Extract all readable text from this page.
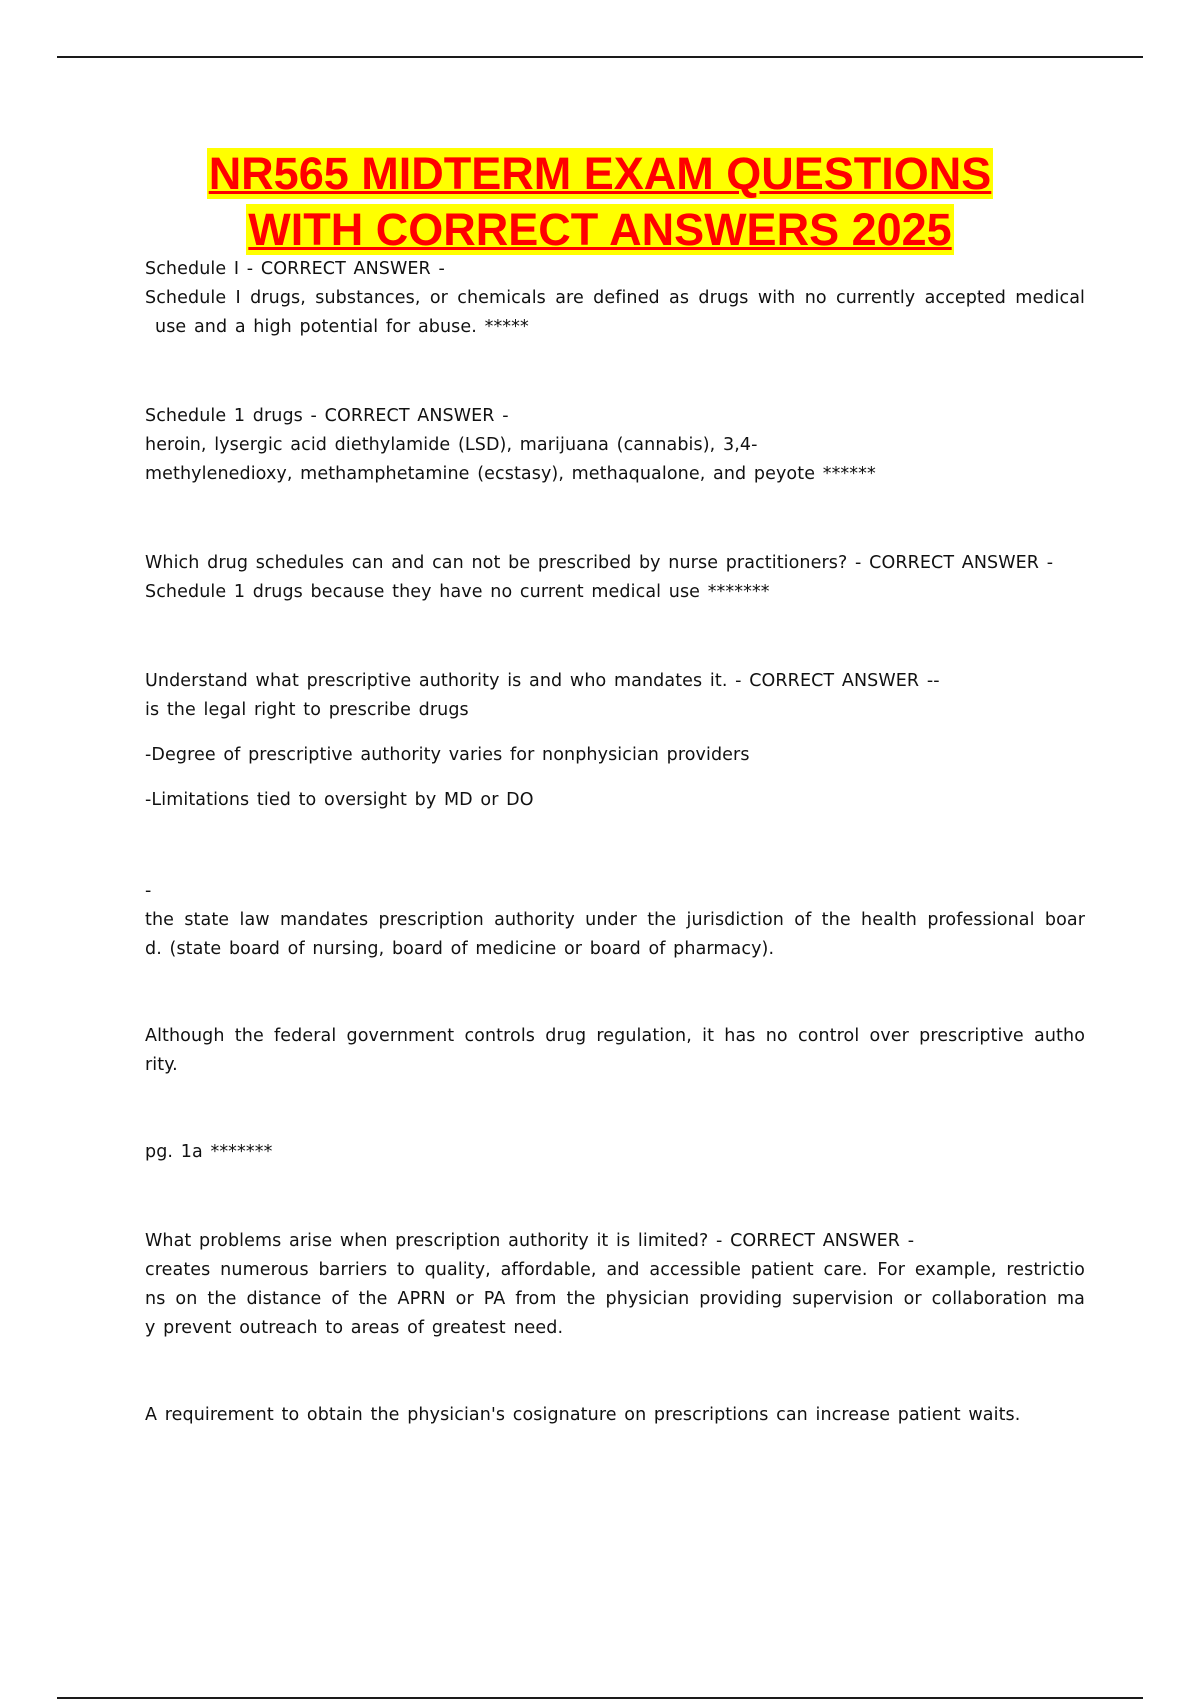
NR565 MIDTERM EXAM QUESTIONS
WITH CORRECT ANSWERS 2025
Schedule I - CORRECT ANSWER -
Schedule I drugs, substances, or chemicals are defined as drugs with no currently accepted medical
use and a high potential for abuse. *****
Schedule 1 drugs - CORRECT ANSWER -
heroin, lysergic acid diethylamide (LSD), marijuana (cannabis), 3,4-
methylenedioxy, methamphetamine (ecstasy), methaqualone, and peyote ******
Which drug schedules can and can not be prescribed by nurse practitioners? - CORRECT ANSWER -
Schedule 1 drugs because they have no current medical use *******
Understand what prescriptive authority is and who mandates it. - CORRECT ANSWER --
is the legal right to prescribe drugs
-Degree of prescriptive authority varies for nonphysician providers
-Limitations tied to oversight by MD or DO
-
the state law mandates prescription authority under the jurisdiction of the health professional boar
d. (state board of nursing, board of medicine or board of pharmacy).
Although the federal government controls drug regulation, it has no control over prescriptive autho
rity.
pg. 1a *******
What problems arise when prescription authority it is limited? - CORRECT ANSWER -
creates numerous barriers to quality, affordable, and accessible patient care. For example, restrictio
ns on the distance of the APRN or PA from the physician providing supervision or collaboration ma
y prevent outreach to areas of greatest need.
A requirement to obtain the physician's cosignature on prescriptions can increase patient waits.
